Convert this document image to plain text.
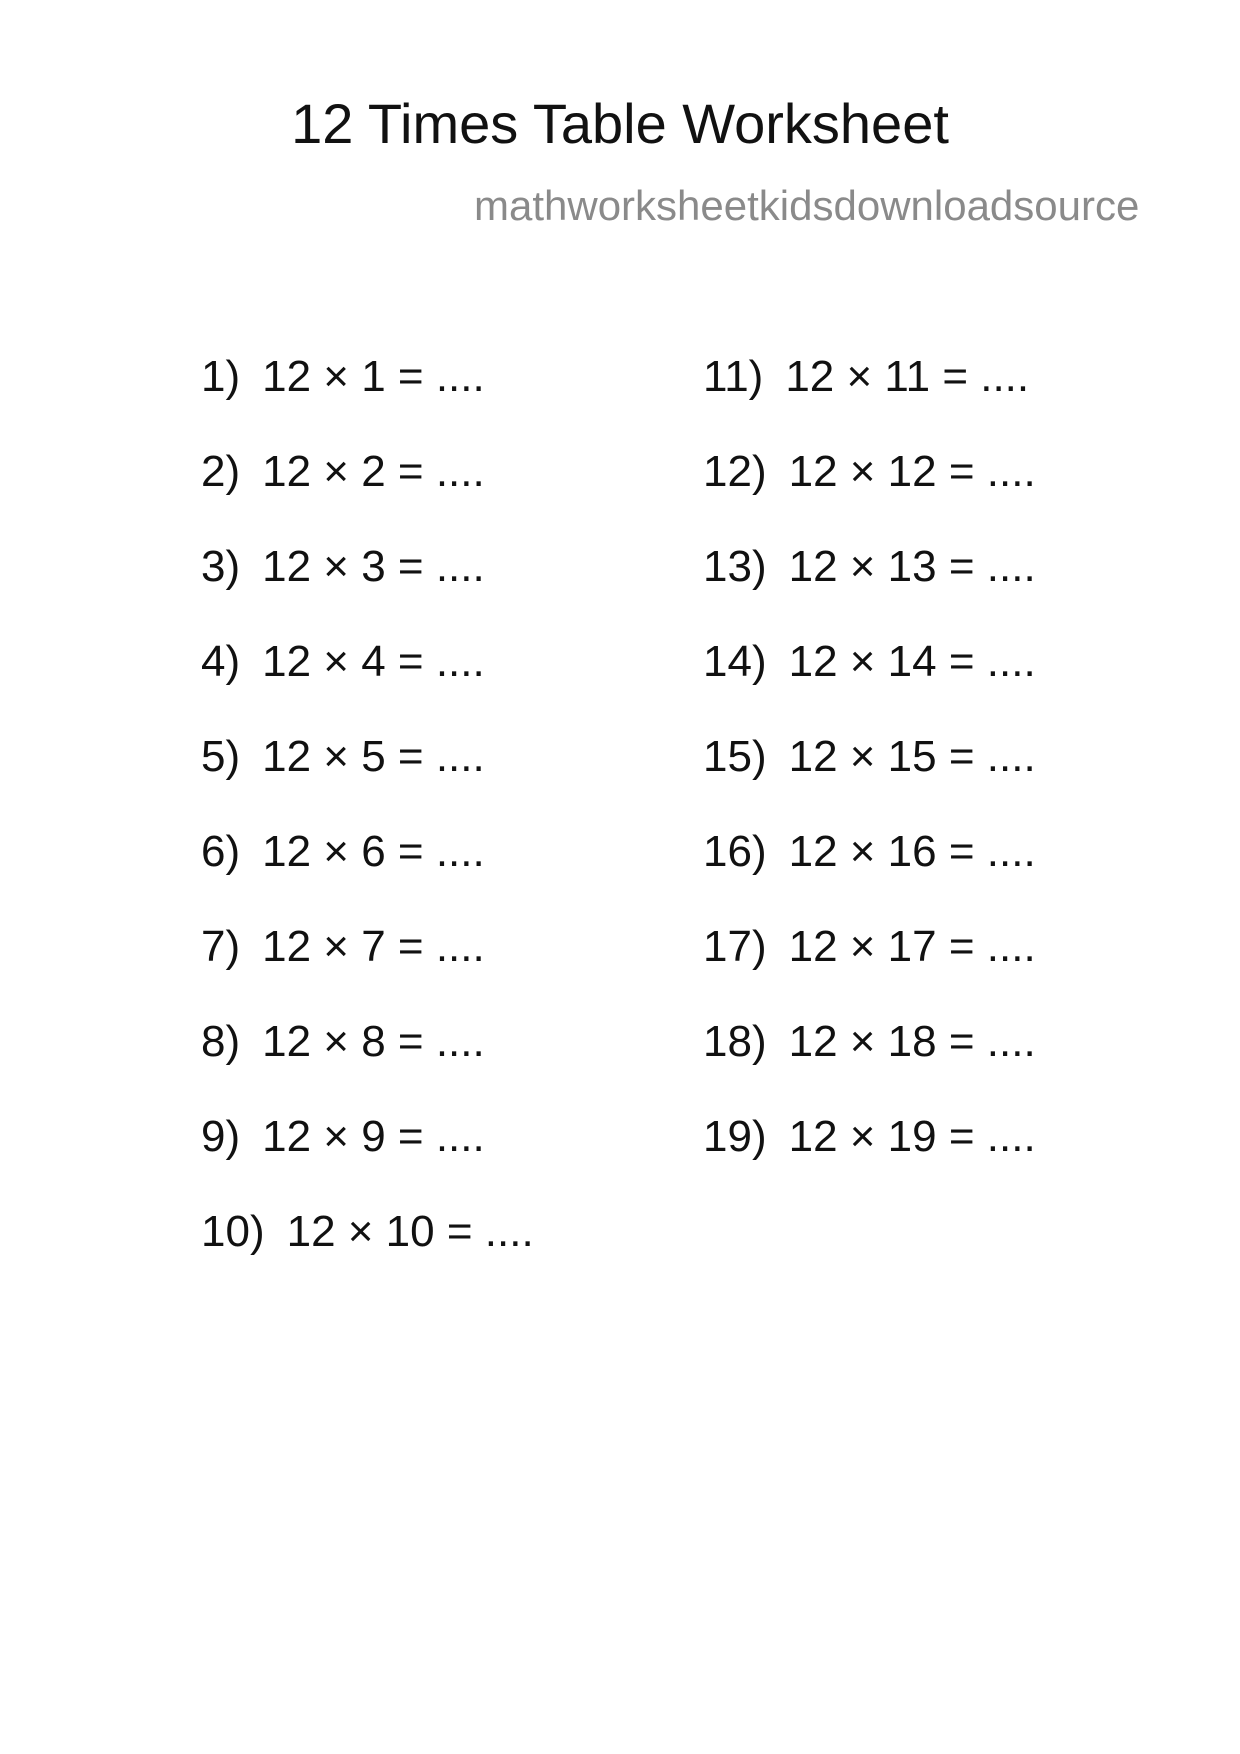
12 Times Table Worksheet
mathworksheetkidsdownloadsource
1) 12 × 1 = ....
2) 12 × 2 = ....
3) 12 × 3 = ....
4) 12 × 4 = ....
5) 12 × 5 = ....
6) 12 × 6 = ....
7) 12 × 7 = ....
8) 12 × 8 = ....
9) 12 × 9 = ....
10) 12 × 10 = ....
11) 12 × 11 = ....
12) 12 × 12 = ....
13) 12 × 13 = ....
14) 12 × 14 = ....
15) 12 × 15 = ....
16) 12 × 16 = ....
17) 12 × 17 = ....
18) 12 × 18 = ....
19) 12 × 19 = ....
